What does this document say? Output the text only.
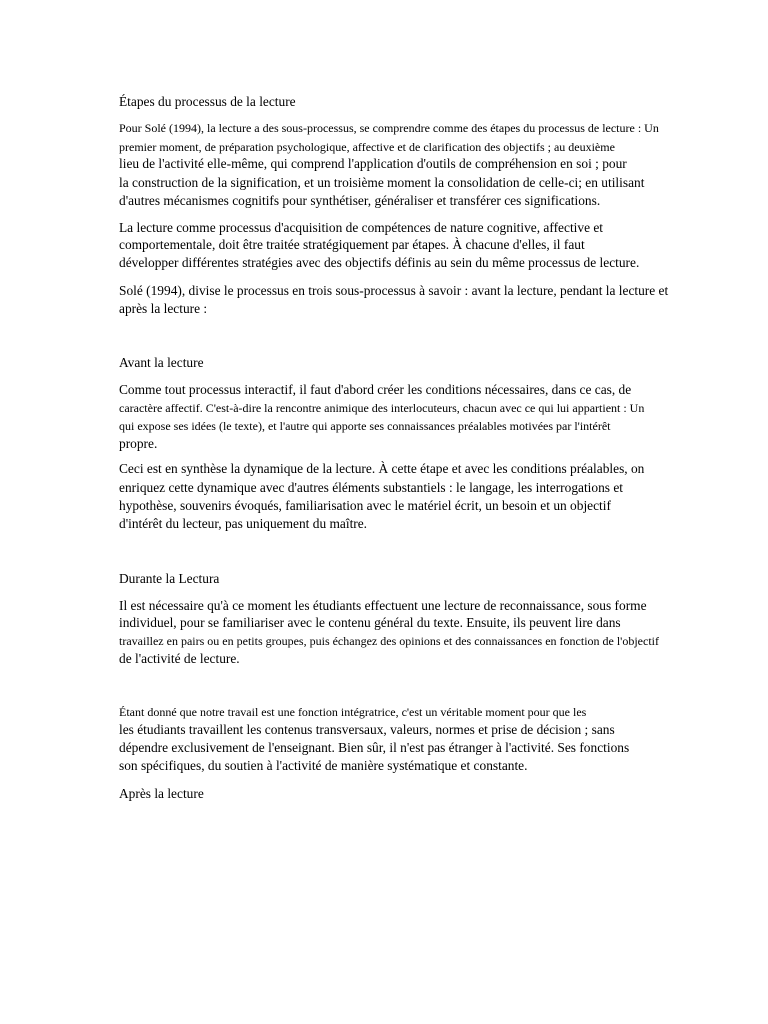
Étapes du processus de la lecture
Pour Solé (1994), la lecture a des sous-processus, se comprendre comme des étapes du processus de lecture : Un
premier moment, de préparation psychologique, affective et de clarification des objectifs ; au deuxième
lieu de l'activité elle-même, qui comprend l'application d'outils de compréhension en soi ; pour
la construction de la signification, et un troisième moment la consolidation de celle-ci; en utilisant
d'autres mécanismes cognitifs pour synthétiser, généraliser et transférer ces significations.
La lecture comme processus d'acquisition de compétences de nature cognitive, affective et
comportementale, doit être traitée stratégiquement par étapes. À chacune d'elles, il faut
développer différentes stratégies avec des objectifs définis au sein du même processus de lecture.
Solé (1994), divise le processus en trois sous-processus à savoir : avant la lecture, pendant la lecture et
après la lecture :
Avant la lecture
Comme tout processus interactif, il faut d'abord créer les conditions nécessaires, dans ce cas, de
caractère affectif. C'est-à-dire la rencontre animique des interlocuteurs, chacun avec ce qui lui appartient : Un
qui expose ses idées (le texte), et l'autre qui apporte ses connaissances préalables motivées par l'intérêt
propre.
Ceci est en synthèse la dynamique de la lecture. À cette étape et avec les conditions préalables, on
enriquez cette dynamique avec d'autres éléments substantiels : le langage, les interrogations et
hypothèse, souvenirs évoqués, familiarisation avec le matériel écrit, un besoin et un objectif
d'intérêt du lecteur, pas uniquement du maître.
Durante la Lectura
Il est nécessaire qu'à ce moment les étudiants effectuent une lecture de reconnaissance, sous forme
individuel, pour se familiariser avec le contenu général du texte. Ensuite, ils peuvent lire dans
travaillez en pairs ou en petits groupes, puis échangez des opinions et des connaissances en fonction de l'objectif
de l'activité de lecture.
Étant donné que notre travail est une fonction intégratrice, c'est un véritable moment pour que les
les étudiants travaillent les contenus transversaux, valeurs, normes et prise de décision ; sans
dépendre exclusivement de l'enseignant. Bien sûr, il n'est pas étranger à l'activité. Ses fonctions
son spécifiques, du soutien à l'activité de manière systématique et constante.
Après la lecture
